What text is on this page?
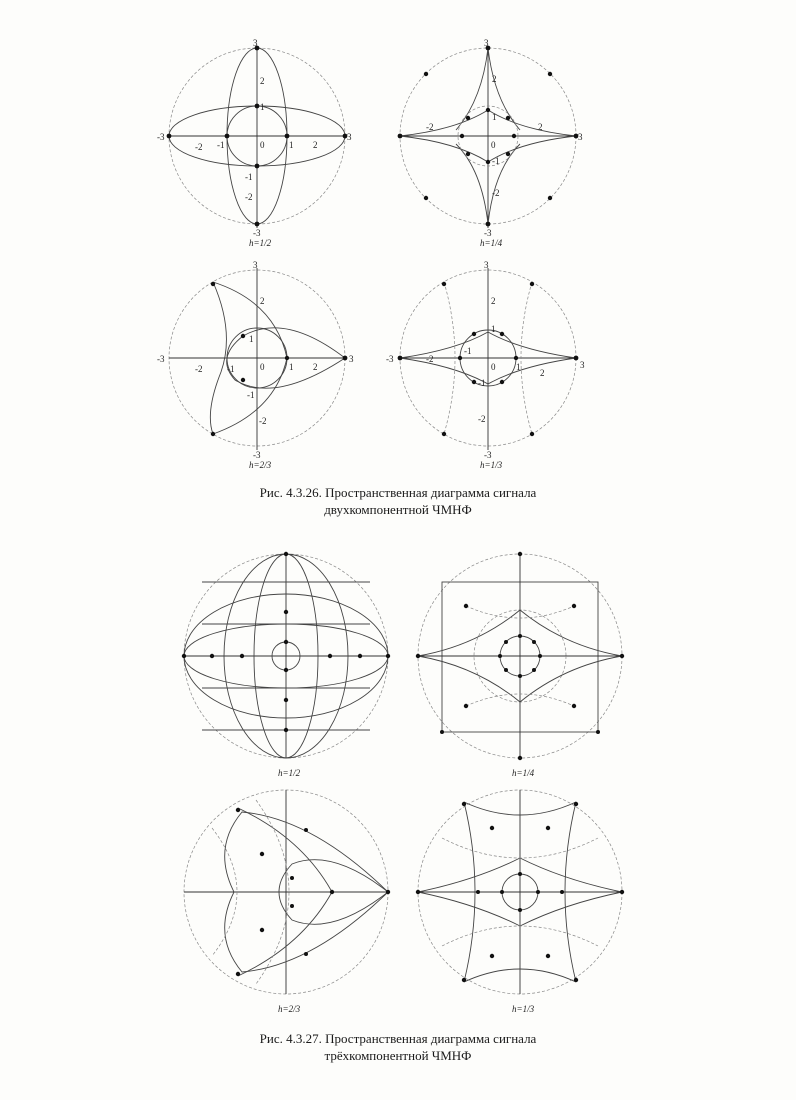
-3
-2 -1	0	1 2
3
3
2
1
-1
-2
-3
h=1/2
-2	2
0
3
3
2
1
-1
-2
-3
h=1/4
-3
-2	-1	0	1 2
3
3
2
1
-1
-2
-3
h=2/3
-3	-2
-1
0 1
2
3
3
2
1
-1
-2
-3
h=1/3
Рис. 4.3.26. Пространственная диаграмма сигнала
двухкомпонентной ЧМНФ
h=1/2	h=1/4
h=2/3	h=1/3
Рис. 4.3.27. Пространственная диаграмма сигнала
трёхкомпонентной ЧМНФ
